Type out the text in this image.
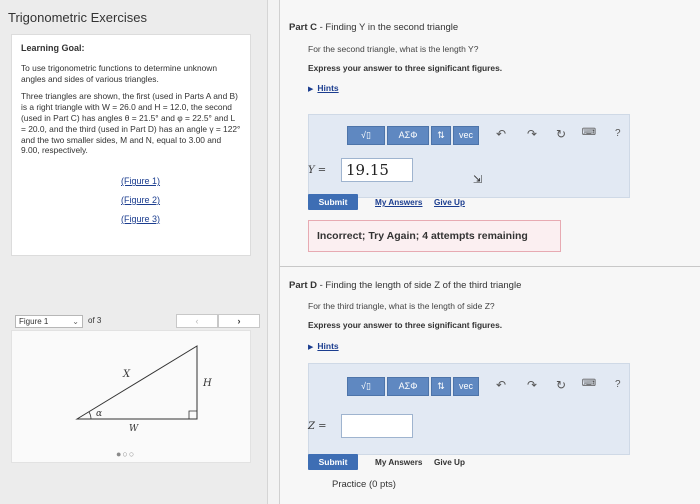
Trigonometric Exercises
Learning Goal:
To use trigonometric functions to determine unknown angles and sides of various triangles.
Three triangles are shown, the first (used in Parts A and B) is a right triangle with W = 26.0 and H = 12.0, the second (used in Part C) has angles θ = 21.5° and φ = 22.5° and L = 20.0, and the third (used in Part D) has an angle γ = 122° and the two smaller sides, M and N, equal to 3.00 and 9.00, respectively.
(Figure 1)
(Figure 2)
(Figure 3)
Figure 1	⌄ of 3	‹	›
X
H
W
α
●○○
Part C - Finding Y in the second triangle
For the second triangle, what is the length Y?
Express your answer to three significant figures.
▶ Hints
√▯	ΑΣΦ	⇅	vec	↶ ↷ ↻ ⌨ ?
Y =	19.15
⇲
Submit	My Answers Give Up
Incorrect; Try Again; 4 attempts remaining
Part D - Finding the length of side Z of the third triangle
For the third triangle, what is the length of side Z?
Express your answer to three significant figures.
▶ Hints
√▯	ΑΣΦ	⇅	vec	↶ ↷ ↻ ⌨ ?
Z =
Submit	My Answers Give Up
Practice (0 pts)
